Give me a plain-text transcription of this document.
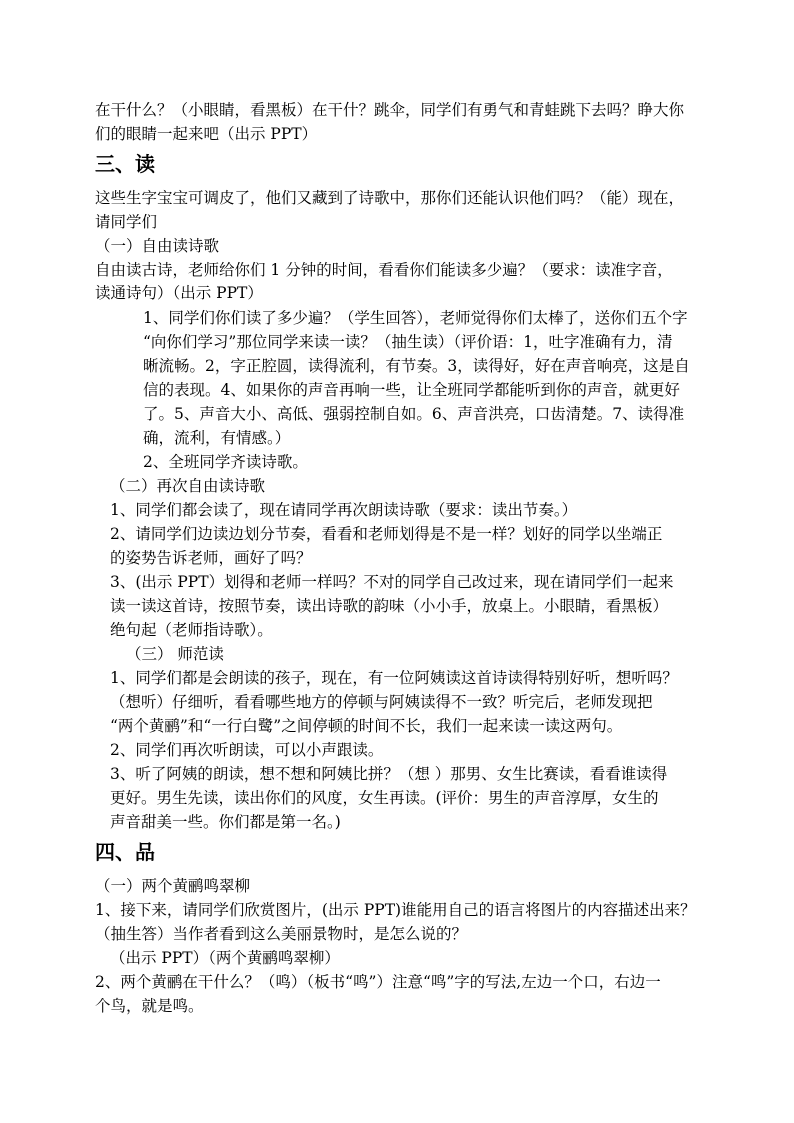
在干什么？（小眼睛，看黑板）在干什？跳伞，同学们有勇气和青蛙跳下去吗？睁大你
们的眼睛一起来吧（出示 PPT）
三、读
这些生字宝宝可调皮了，他们又藏到了诗歌中，那你们还能认识他们吗？（能）现在，
请同学们
（一）自由读诗歌
自由读古诗，老师给你们 1 分钟的时间，看看你们能读多少遍？（要求：读准字音，
读通诗句）（出示 PPT）
1、同学们你们读了多少遍？（学生回答），老师觉得你们太棒了，送你们五个字
“向你们学习”那位同学来读一读？（抽生读）（评价语：1，吐字准确有力，清
晰流畅。2，字正腔圆，读得流利，有节奏。3，读得好，好在声音响亮，这是自
信的表现。4、如果你的声音再响一些，让全班同学都能听到你的声音，就更好
了。5、声音大小、高低、强弱控制自如。6、声音洪亮，口齿清楚。7、读得准
确，流利，有情感。）
2、全班同学齐读诗歌。
（二）再次自由读诗歌
1、同学们都会读了，现在请同学再次朗读诗歌（要求：读出节奏。）
2、请同学们边读边划分节奏，看看和老师划得是不是一样？划好的同学以坐端正
的姿势告诉老师，画好了吗？
3、(出示 PPT）划得和老师一样吗？不对的同学自己改过来，现在请同学们一起来
读一读这首诗，按照节奏，读出诗歌的韵味（小小手，放桌上。小眼睛，看黑板）
绝句起（老师指诗歌）。
（三） 师范读
1、同学们都是会朗读的孩子，现在，有一位阿姨读这首诗读得特别好听，想听吗？
（想听）仔细听，看看哪些地方的停顿与阿姨读得不一致？听完后，老师发现把
“两个黄鹂”和“一行白鹭”之间停顿的时间不长，我们一起来读一读这两句。
2、同学们再次听朗读，可以小声跟读。
3、听了阿姨的朗读，想不想和阿姨比拼？（想 ）那男、女生比赛读，看看谁读得
更好。男生先读，读出你们的风度，女生再读。(评价：男生的声音淳厚，女生的
声音甜美一些。你们都是第一名。)
四、品
（一）两个黄鹂鸣翠柳
1、接下来，请同学们欣赏图片，(出示 PPT)谁能用自己的语言将图片的内容描述出来？
（抽生答）当作者看到这么美丽景物时，是怎么说的？
（出示 PPT）（两个黄鹂鸣翠柳）
2、两个黄鹂在干什么？（鸣）（板书“鸣”）注意“鸣”字的写法,左边一个口，右边一
个鸟，就是鸣。
